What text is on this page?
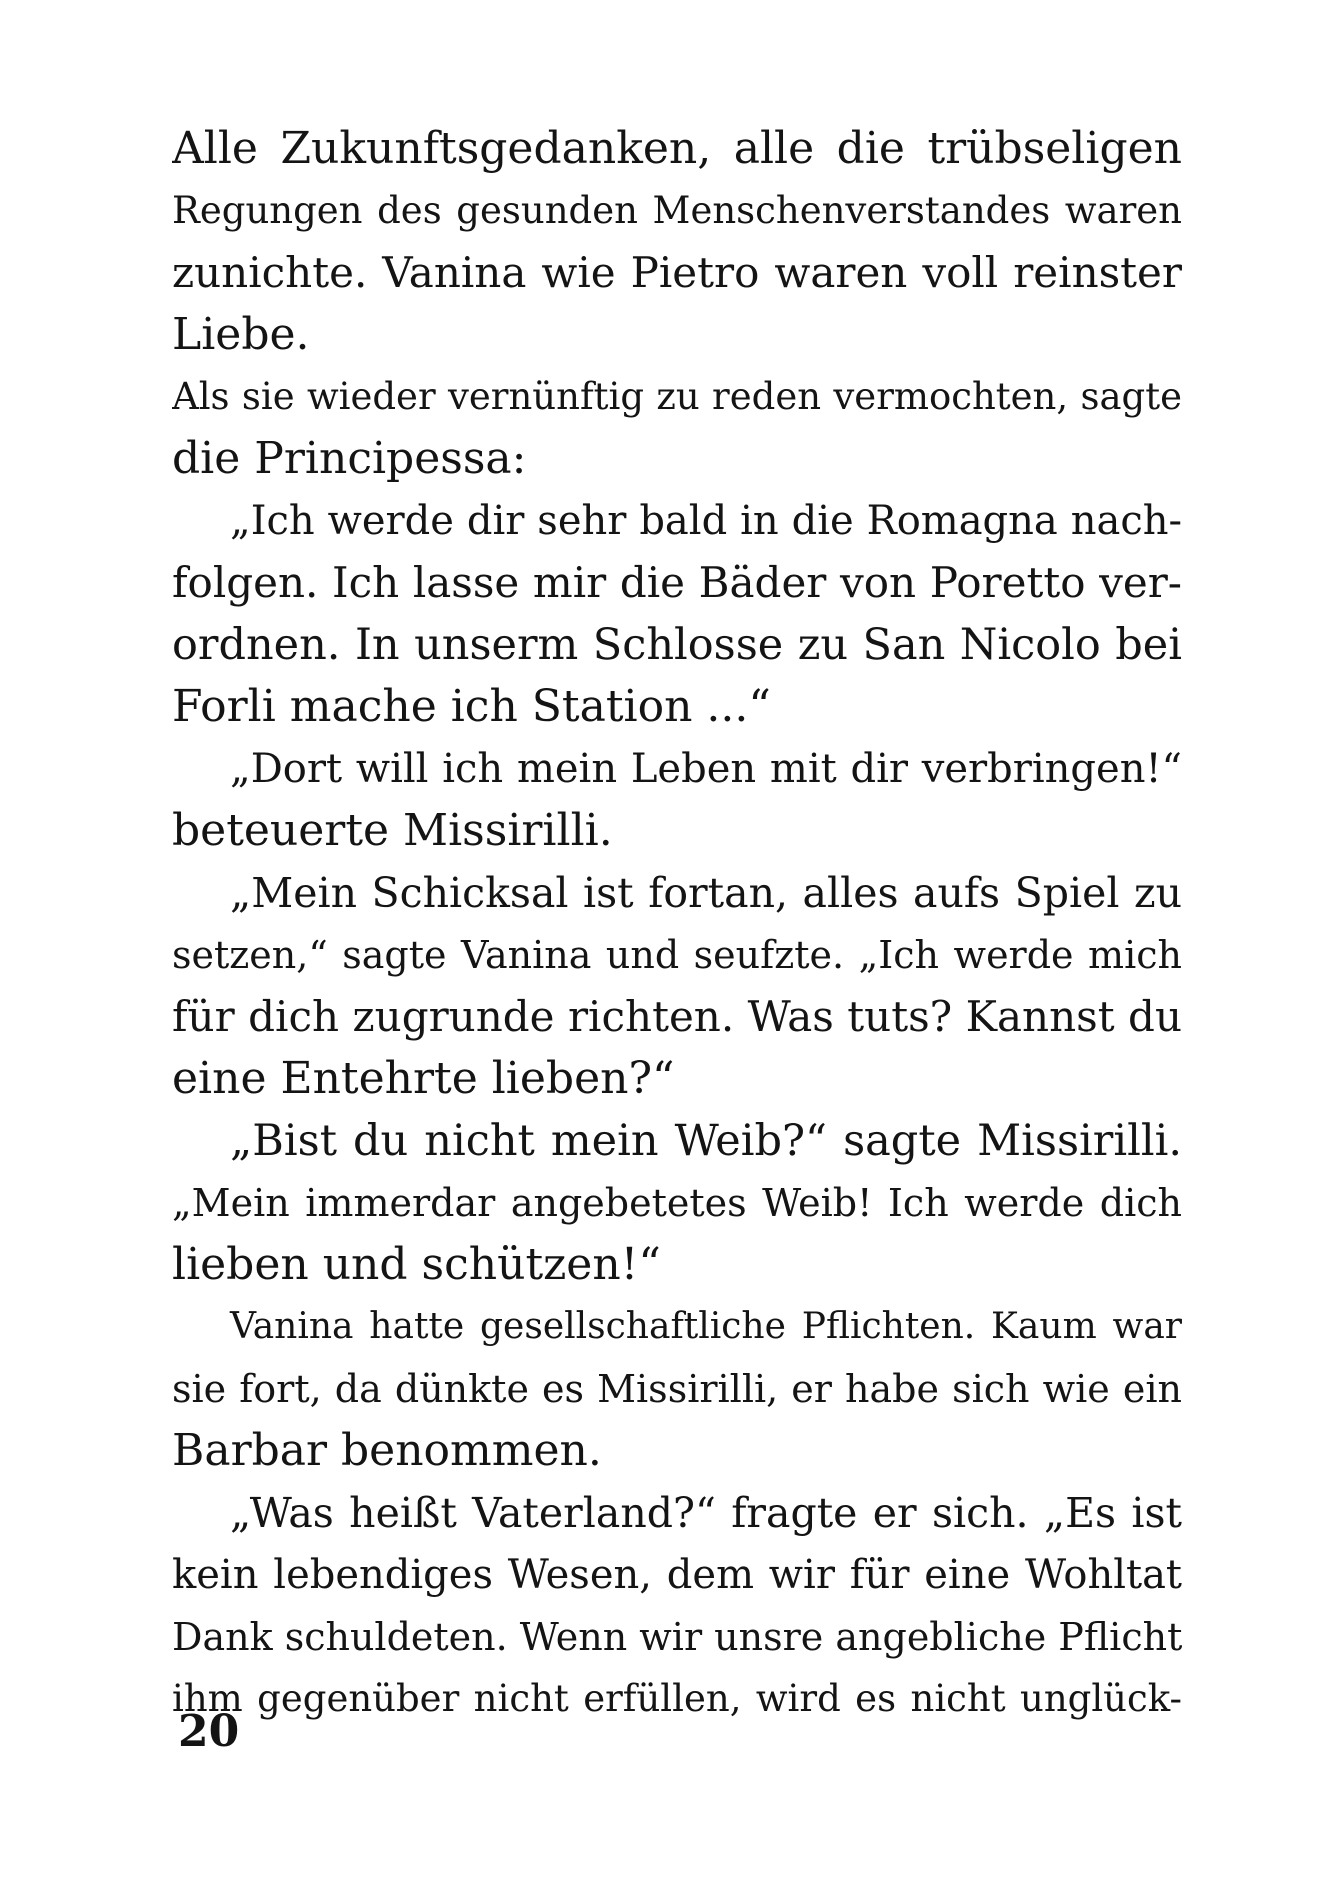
Alle Zukunftsgedanken, alle die trübseligen
Regungen des gesunden Menschenverstandes waren
zunichte. Vanina wie Pietro waren voll reinster
Liebe.
Als sie wieder vernünftig zu reden vermochten, sagte
die Principessa:
„Ich werde dir sehr bald in die Romagna nach-
folgen. Ich lasse mir die Bäder von Poretto ver-
ordnen. In unserm Schlosse zu San Nicolo bei
Forli mache ich Station ...“
„Dort will ich mein Leben mit dir verbringen!“
beteuerte Missirilli.
„Mein Schicksal ist fortan, alles aufs Spiel zu
setzen,“ sagte Vanina und seufzte. „Ich werde mich
für dich zugrunde richten. Was tuts? Kannst du
eine Entehrte lieben?“
„Bist du nicht mein Weib?“ sagte Missirilli.
„Mein immerdar angebetetes Weib! Ich werde dich
lieben und schützen!“
Vanina hatte gesellschaftliche Pflichten. Kaum war
sie fort, da dünkte es Missirilli, er habe sich wie ein
Barbar benommen.
„Was heißt Vaterland?“ fragte er sich. „Es ist
kein lebendiges Wesen, dem wir für eine Wohltat
Dank schuldeten. Wenn wir unsre angebliche Pflicht
ihm gegenüber nicht erfüllen, wird es nicht unglück-
20
